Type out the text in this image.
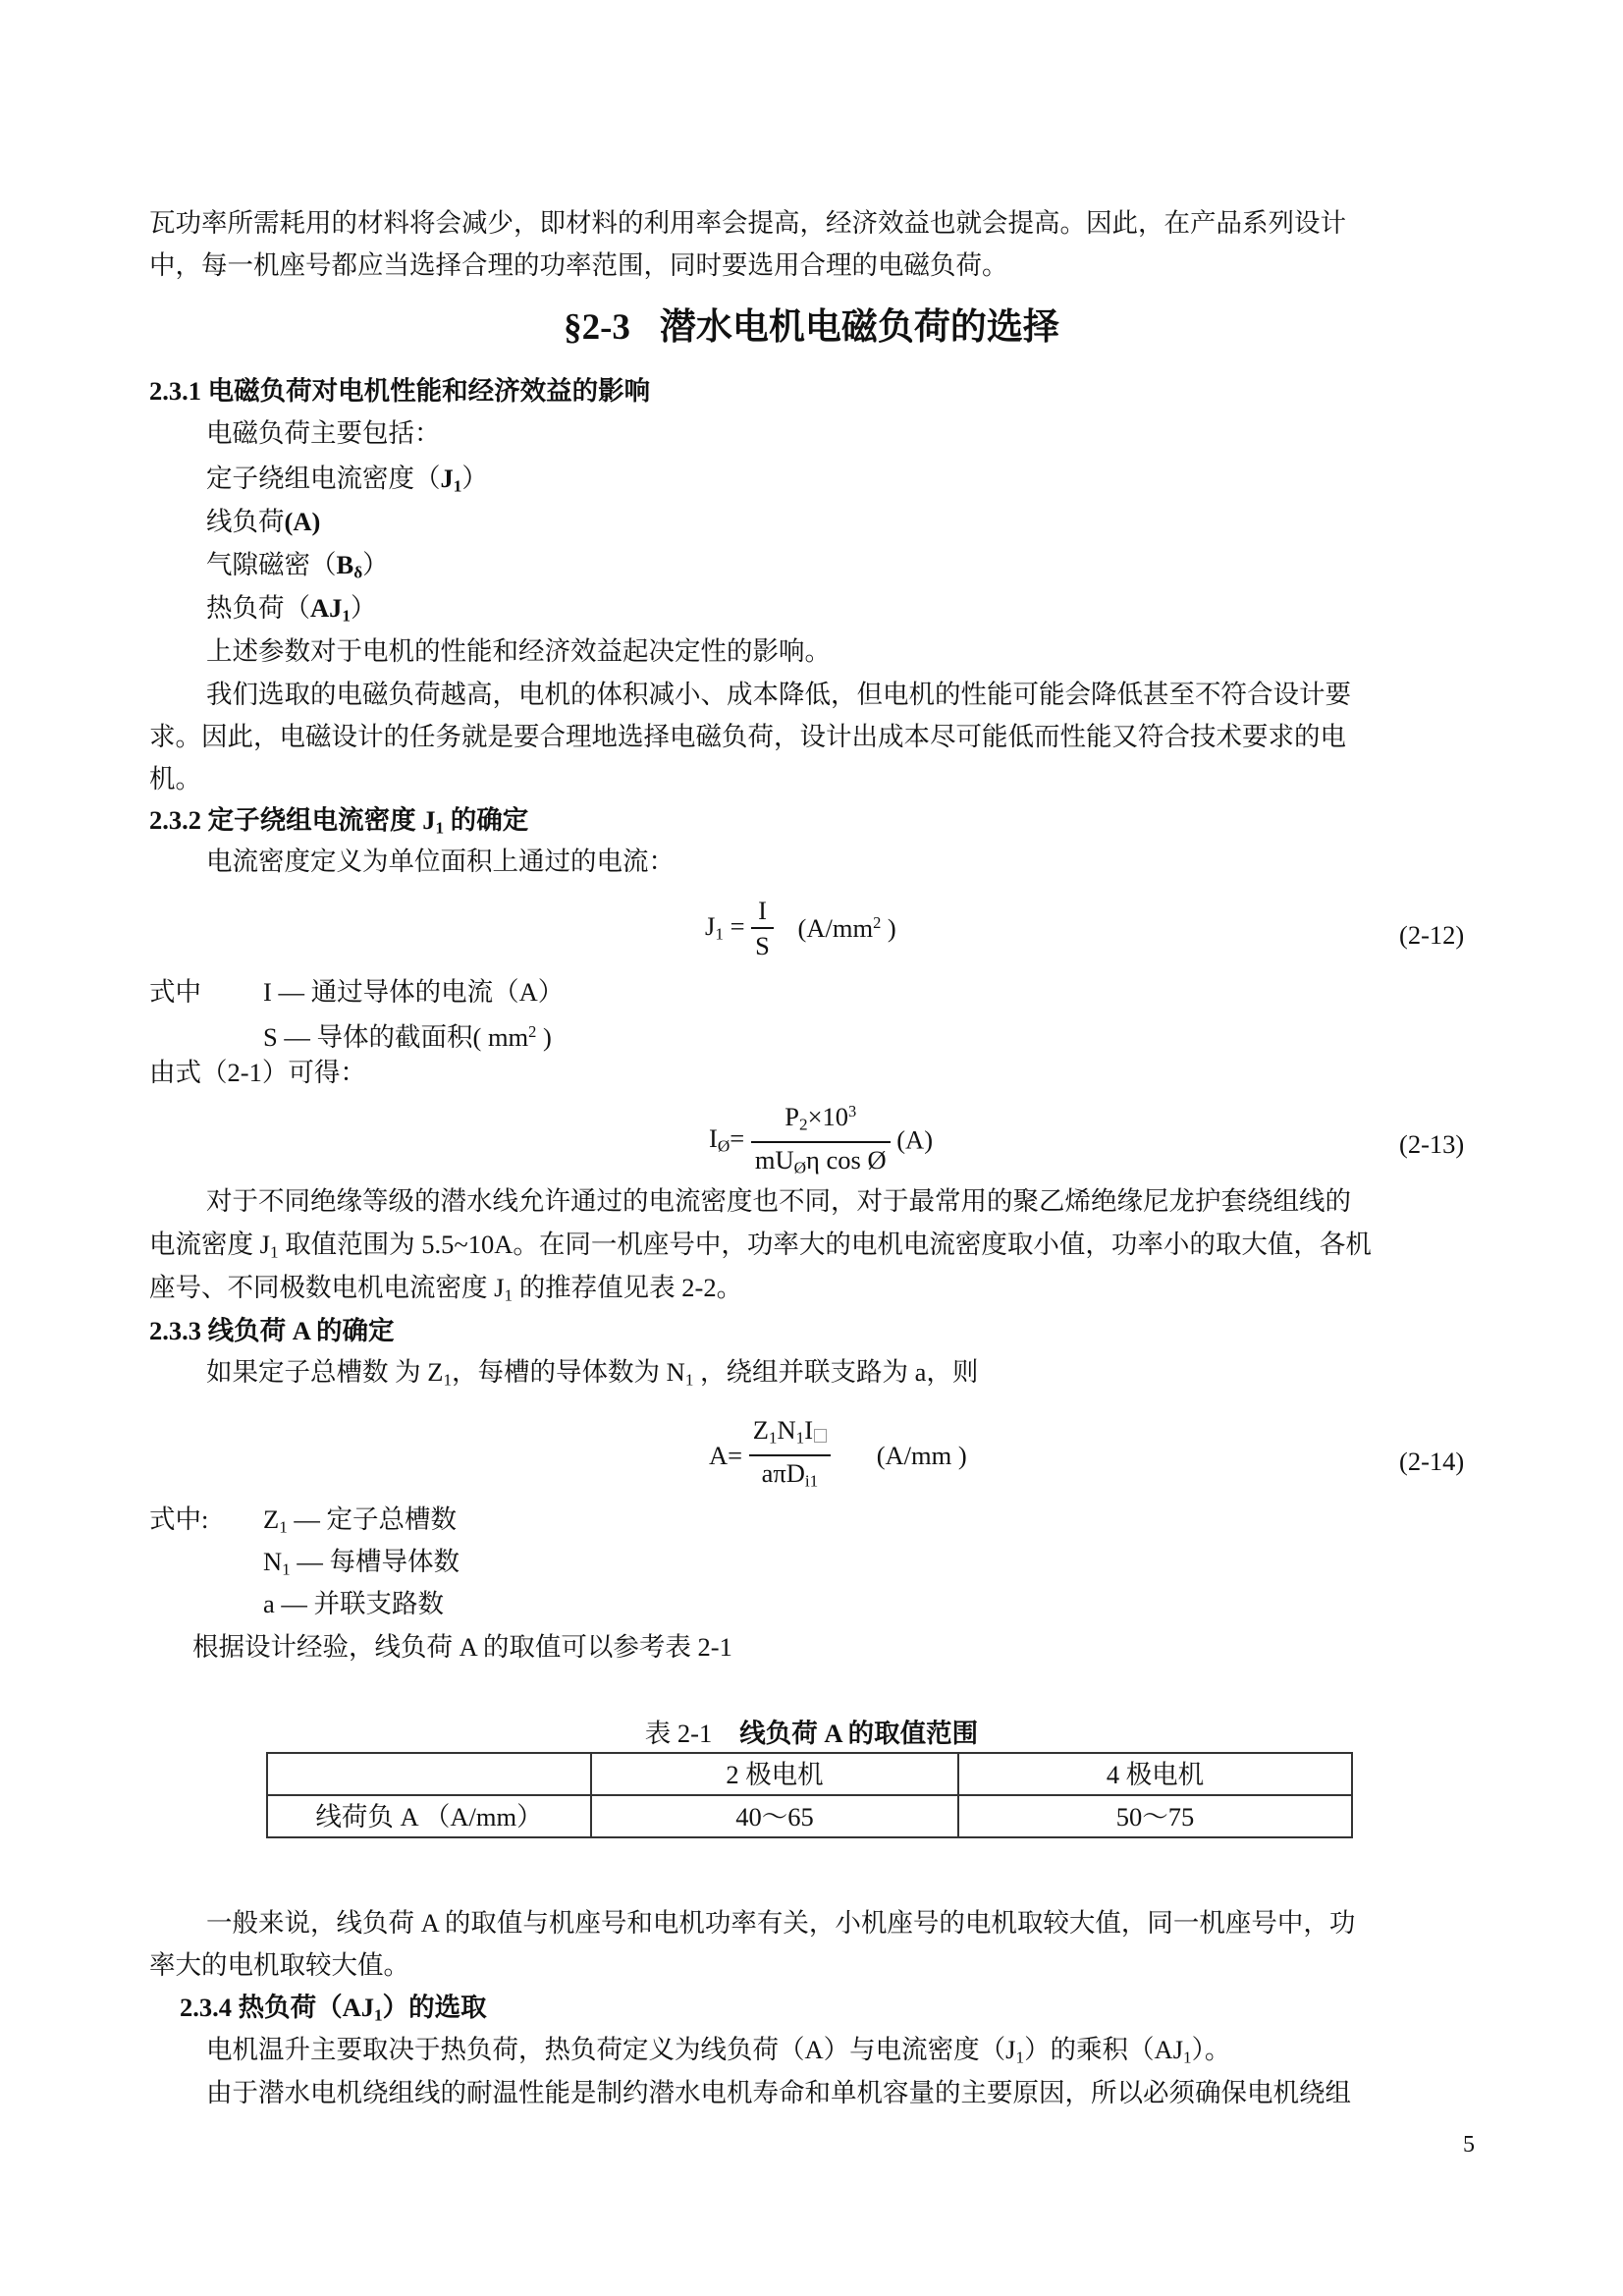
瓦功率所需耗用的材料将会减少，即材料的利用率会提高，经济效益也就会提高。因此，在产品系列设计
中，每一机座号都应当选择合理的功率范围，同时要选用合理的电磁负荷。
§2-3 潜水电机电磁负荷的选择
2.3.1 电磁负荷对电机性能和经济效益的影响
电磁负荷主要包括：
定子绕组电流密度$(J_1)$
线负荷(A)
气隙磁密$(B_\delta)$
热负荷$(AJ_1)$
上述参数对于电机的性能和经济效益起决定性的影响。
我们选取的电磁负荷越高，电机的体积减小、成本降低，但电机的性能可能会降低甚至不符合设计要
求。因此，电磁设计的任务就是要合理地选择电磁负荷，设计出成本尽可能低而性能又符合技术要求的电
机。
2.3.2 定子绕组电流密度 $J_1$ 的确定
电流密度定义为单位面积上通过的电流：
$J_1 = \frac{I}{S} (A/mm^2$ )	(2-12)
式中 I — 通过导体的电流（A）
S — 导体的截面积( $mm^2$ )
由式（2-1）可得：
$I_Ø= \frac{P_2\times 10^3}{mU_Ø\eta \cos Ø} (A)$	(2-13)
对于不同绝缘等级的潜水线允许通过的电流密度也不同，对于最常用的聚乙烯绝缘尼龙护套绕组线的
电流密度 $J_1$ 取值范围为 5.5~10A。在同一机座号中，功率大的电机电流密度取小值，功率小的取大值，各机
座号、不同极数电机电流密度 $J_1$ 的推荐值见表 2-2。
2.3.3 线负荷 A 的确定
如果定子总槽数 为 $Z_1$，每槽的导体数为 $N_1$ ，绕组并联支路为 a，则
$A= \frac{Z_1N_1I}{a\pi D_{i1}} (A/mm$ )	(2-14)
式中: $Z_1$ — 定子总槽数
$N_1$ — 每槽导体数
a — 并联支路数
根据设计经验，线负荷 A 的取值可以参考表 2-1
表 2-1 线负荷 A 的取值范围
	2 极电机	4 极电机
线荷负 A （A/mm）	40～65	50～75
一般来说，线负荷 A 的取值与机座号和电机功率有关，小机座号的电机取较大值，同一机座号中，功
率大的电机取较大值。
2.3.4 热负荷$(AJ_1)$的选取
电机温升主要取决于热负荷，热负荷定义为线负荷（A）与电流密度$(J_1)$的乘积$(AJ_1)$。
由于潜水电机绕组线的耐温性能是制约潜水电机寿命和单机容量的主要原因，所以必须确保电机绕组
5
